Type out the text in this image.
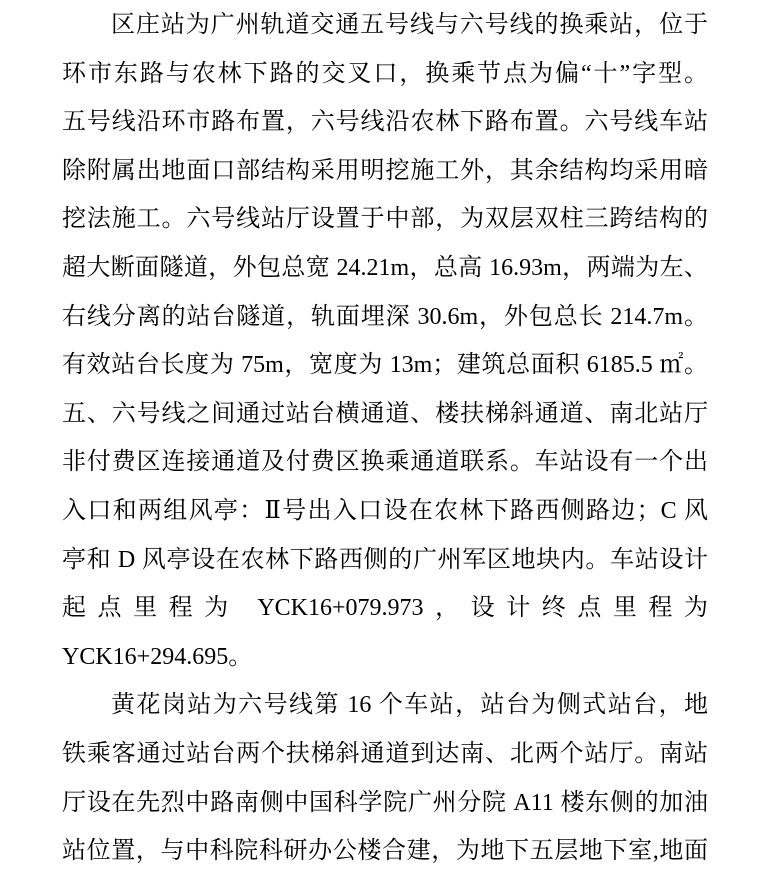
区庄站为广州轨道交通五号线与六号线的换乘站，位于
环市东路与农林下路的交叉口，换乘节点为偏“十”字型。
五号线沿环市路布置，六号线沿农林下路布置。六号线车站
除附属出地面口部结构采用明挖施工外，其余结构均采用暗
挖法施工。六号线站厅设置于中部，为双层双柱三跨结构的
超大断面隧道，外包总宽 24.21m，总高 16.93m，两端为左、
右线分离的站台隧道，轨面埋深 30.6m，外包总长 214.7m。
有效站台长度为 75m，宽度为 13m；建筑总面积 6185.5 ㎡。
五、六号线之间通过站台横通道、楼扶梯斜通道、南北站厅
非付费区连接通道及付费区换乘通道联系。车站设有一个出
入口和两组风亭：Ⅱ号出入口设在农林下路西侧路边；C 风
亭和 D 风亭设在农林下路西侧的广州军区地块内。车站设计
起点里程为 YCK16+079.973，设计终点里程为
YCK16+294.695。
黄花岗站为六号线第 16 个车站，站台为侧式站台，地
铁乘客通过站台两个扶梯斜通道到达南、北两个站厅。南站
厅设在先烈中路南侧中国科学院广州分院 A11 楼东侧的加油
站位置，与中科院科研办公楼合建，为地下五层地下室,地面
